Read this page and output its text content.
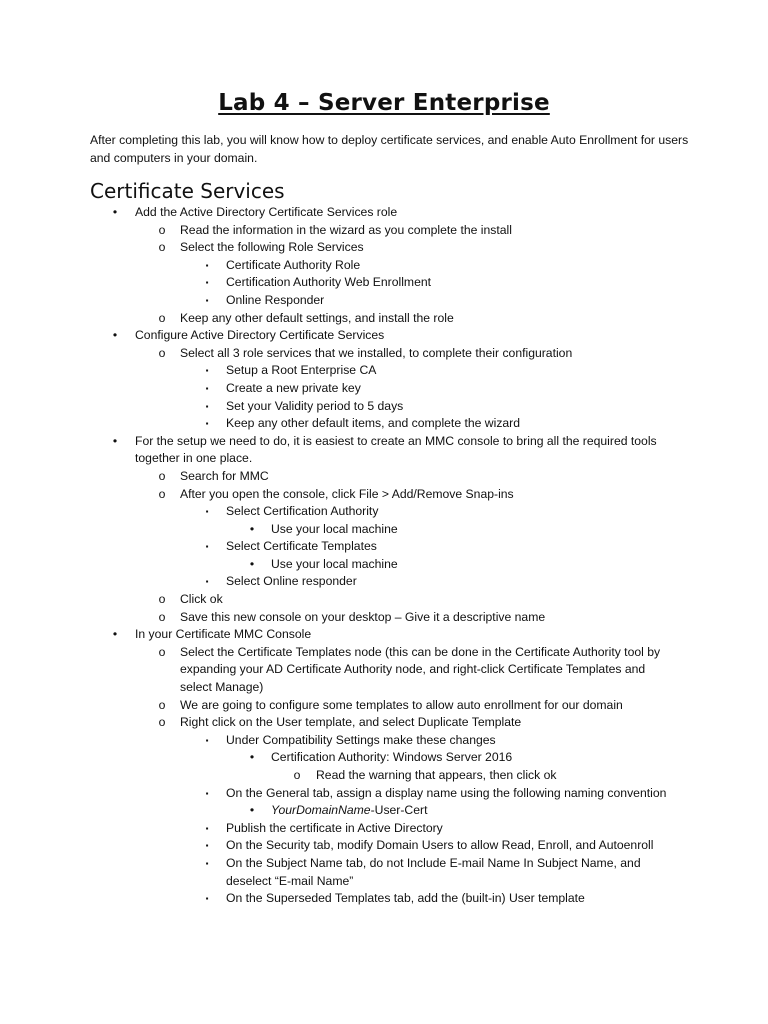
Lab 4 – Server Enterprise
After completing this lab, you will know how to deploy certificate services, and enable Auto Enrollment for users and computers in your domain.
Certificate Services
•	Add the Active Directory Certificate Services role
o Read the information in the wizard as you complete the install
o Select the following Role Services
▪	Certificate Authority Role
▪	Certification Authority Web Enrollment
▪	Online Responder
o Keep any other default settings, and install the role
•	Configure Active Directory Certificate Services
o Select all 3 role services that we installed, to complete their configuration
▪	Setup a Root Enterprise CA
▪	Create a new private key
▪	Set your Validity period to 5 days
▪	Keep any other default items, and complete the wizard
•	For the setup we need to do, it is easiest to create an MMC console to bring all the required tools together in one place.
o Search for MMC
o After you open the console, click File > Add/Remove Snap-ins
▪	Select Certification Authority
•	Use your local machine
▪	Select Certificate Templates
•	Use your local machine
▪	Select Online responder
o Click ok
o Save this new console on your desktop – Give it a descriptive name
•	In your Certificate MMC Console
o Select the Certificate Templates node (this can be done in the Certificate Authority tool by expanding your AD Certificate Authority node, and right-click Certificate Templates and select Manage)
o We are going to configure some templates to allow auto enrollment for our domain
o Right click on the User template, and select Duplicate Template
▪	Under Compatibility Settings make these changes
•	Certification Authority: Windows Server 2016
o Read the warning that appears, then click ok
▪	On the General tab, assign a display name using the following naming convention
•	YourDomainName-User-Cert
▪	Publish the certificate in Active Directory
▪	On the Security tab, modify Domain Users to allow Read, Enroll, and Autoenroll
▪	On the Subject Name tab, do not Include E-mail Name In Subject Name, and deselect “E-mail Name”
▪	On the Superseded Templates tab, add the (built-in) User template
